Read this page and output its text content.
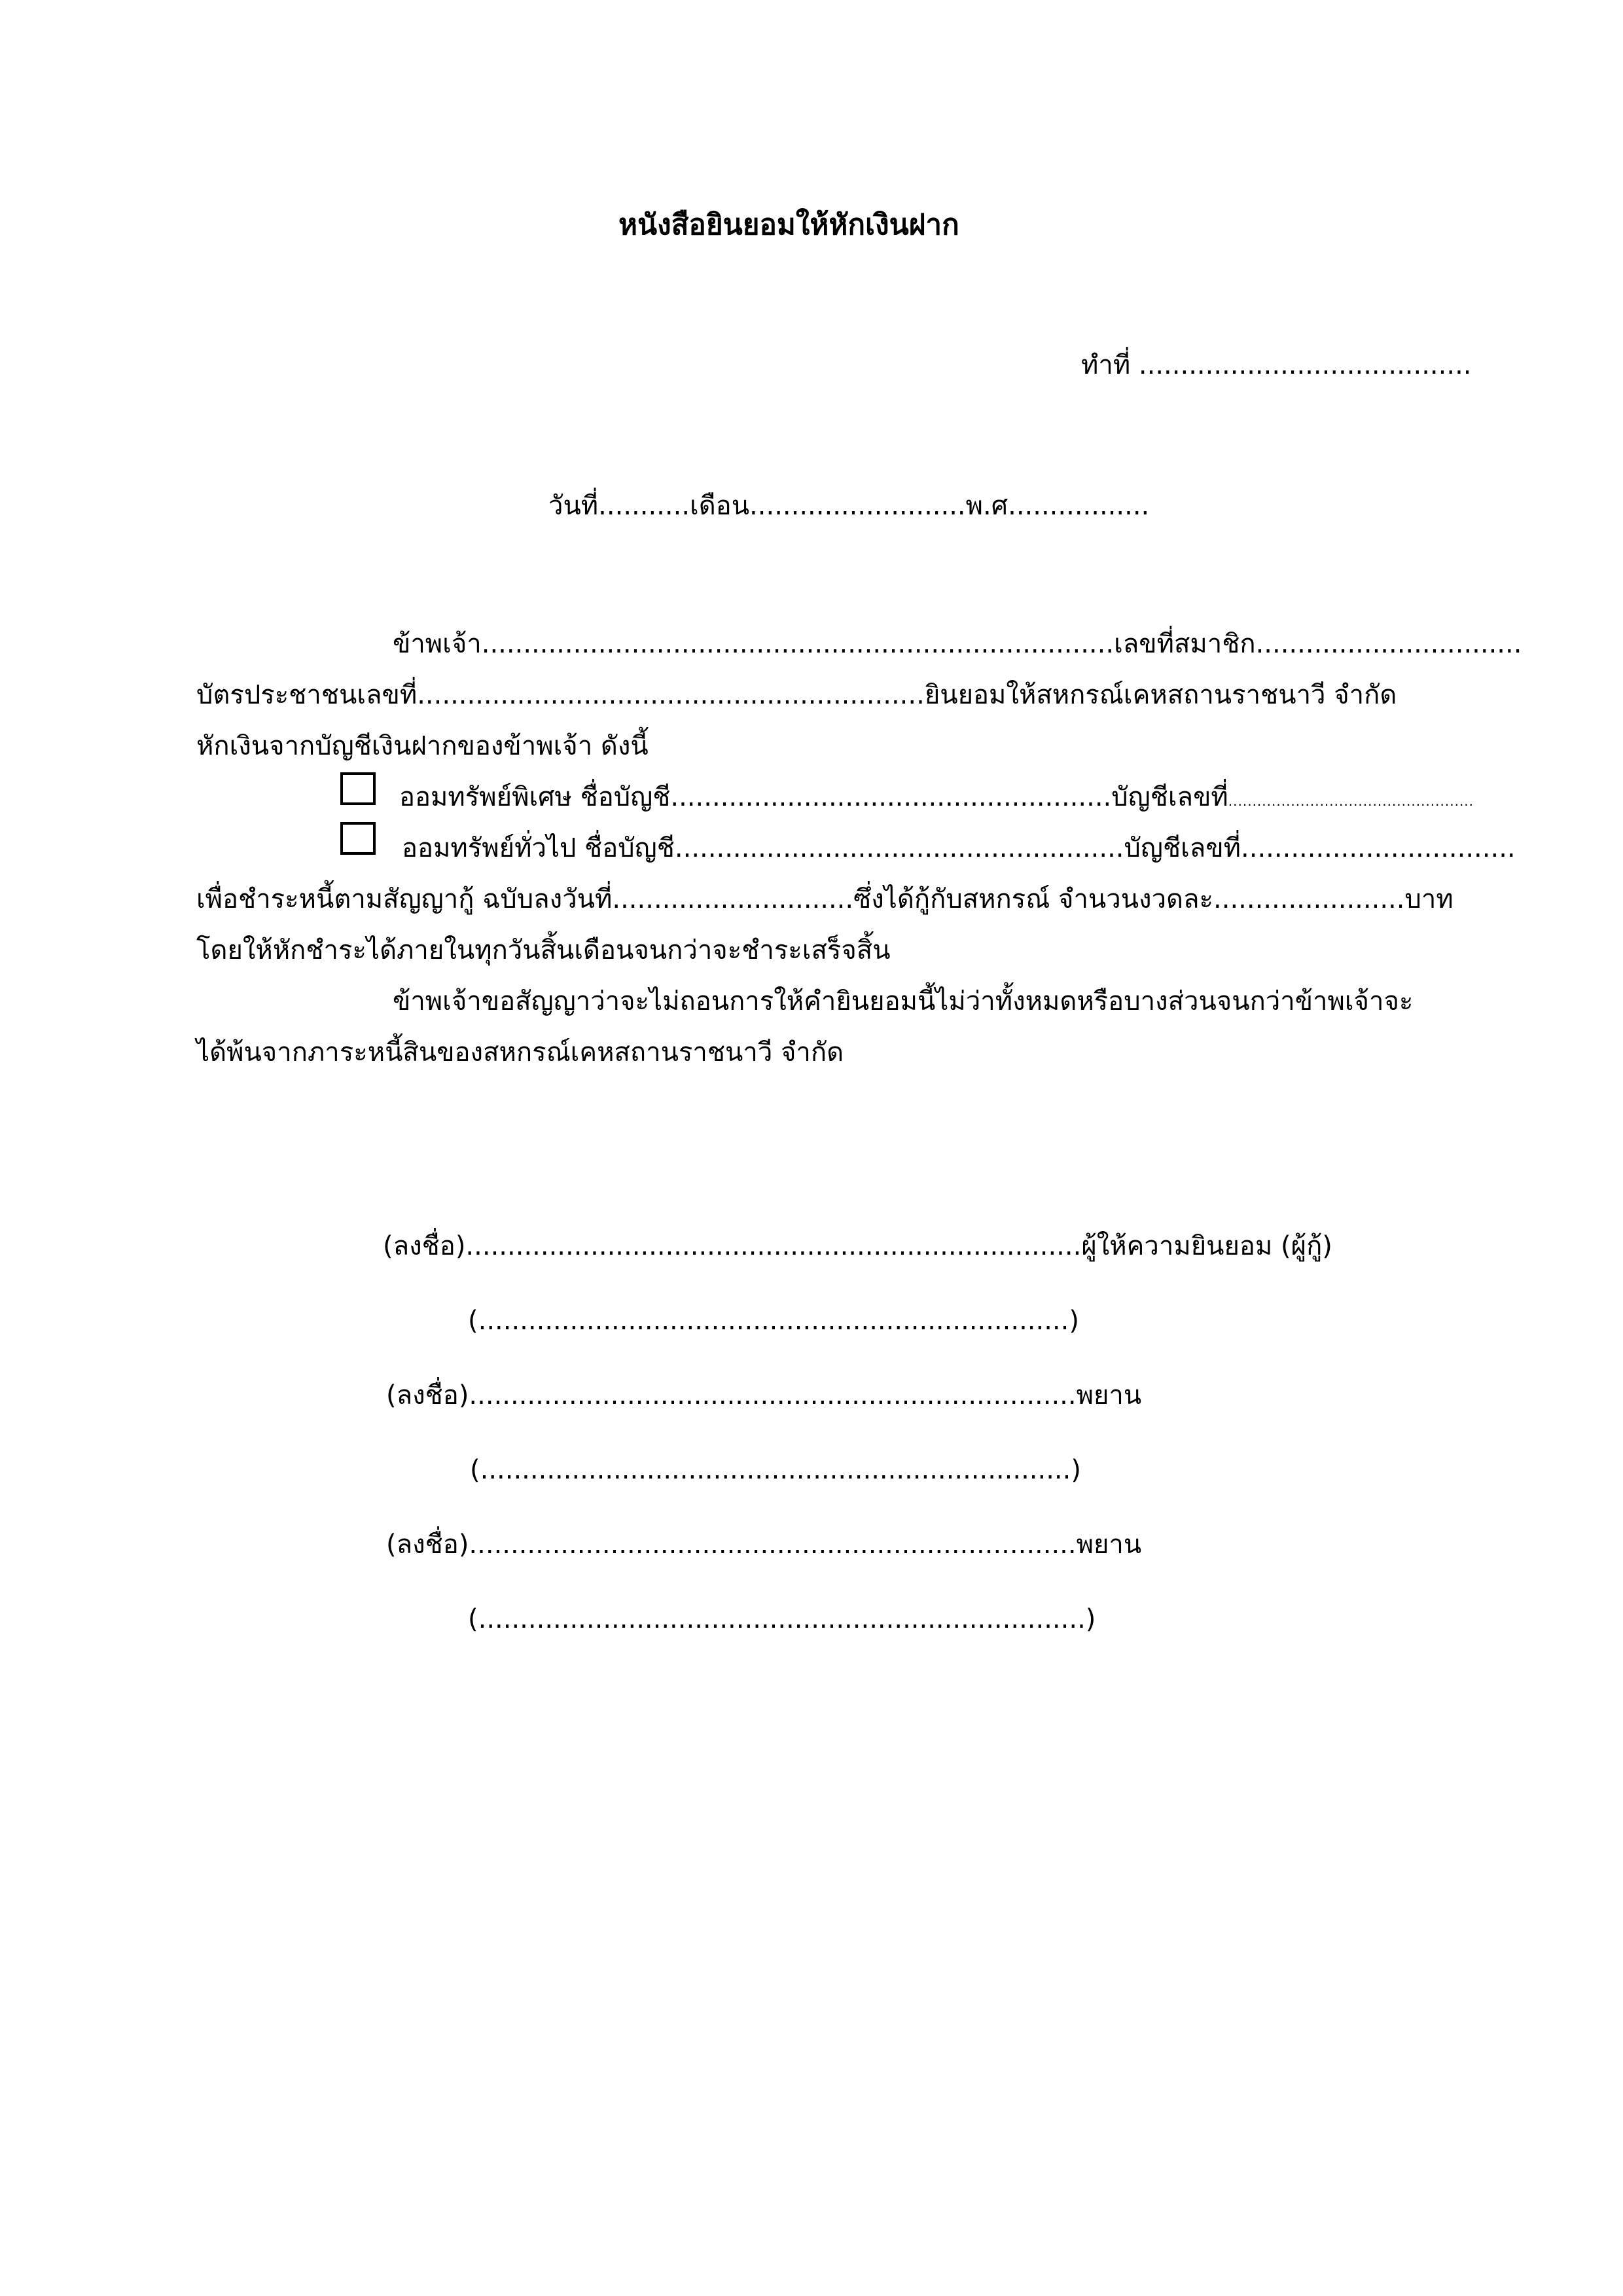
หนังสือยินยอมให้หักเงินฝาก
ทำที่ ........................................
วันที่...........เดือน..........................พ.ศ.................
ข้าพเจ้า............................................................................เลขที่สมาชิก................................
บัตรประชาชนเลขที่.............................................................ยินยอมให้สหกรณ์เคหสถานราชนาวี จำกัด
หักเงินจากบัญชีเงินฝากของข้าพเจ้า ดังนี้
ออมทรัพย์พิเศษ ชื่อบัญชี.....................................................บัญชีเลขที่...................................................
ออมทรัพย์ทั่วไป ชื่อบัญชี......................................................บัญชีเลขที่.................................
เพื่อชำระหนี้ตามสัญญากู้ ฉบับลงวันที่.............................ซึ่งได้กู้กับสหกรณ์ จำนวนงวดละ.......................บาท
โดยให้หักชำระได้ภายในทุกวันสิ้นเดือนจนกว่าจะชำระเสร็จสิ้น
ข้าพเจ้าขอสัญญาว่าจะไม่ถอนการให้คำยินยอมนี้ไม่ว่าทั้งหมดหรือบางส่วนจนกว่าข้าพเจ้าจะ
ได้พ้นจากภาระหนี้สินของสหกรณ์เคหสถานราชนาวี จำกัด
(ลงชื่อ)..........................................................................ผู้ให้ความยินยอม (ผู้กู้)
(.......................................................................)
(ลงชื่อ).........................................................................พยาน
(.......................................................................)
(ลงชื่อ).........................................................................พยาน
(.........................................................................)
